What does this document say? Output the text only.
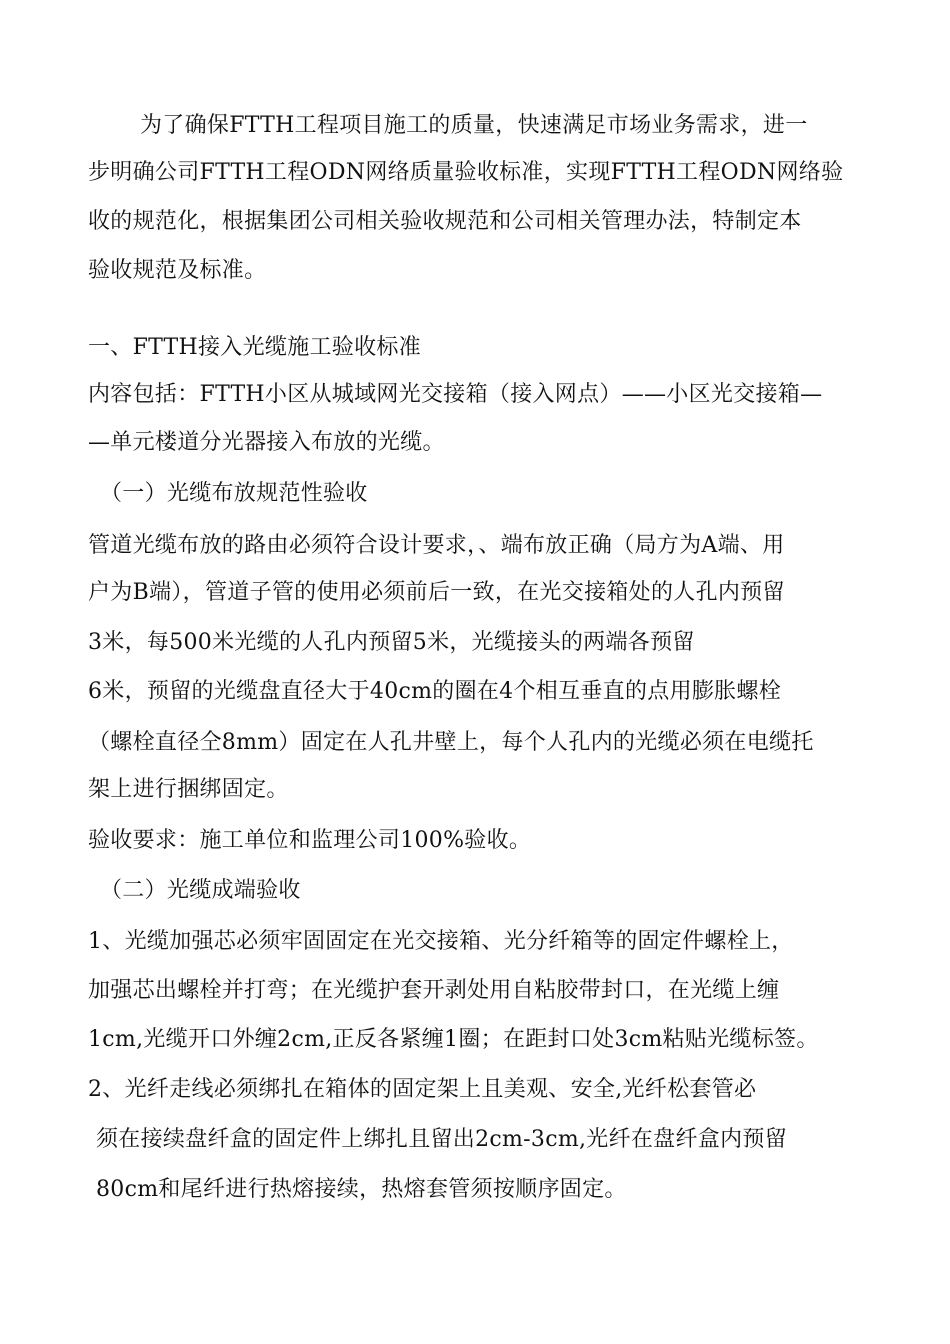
为了确保FTTH工程项目施工的质量，快速满足市场业务需求，进一
步明确公司FTTH工程ODN网络质量验收标准，实现FTTH工程ODN网络验
收的规范化，根据集团公司相关验收规范和公司相关管理办法，特制定本
验收规范及标准。
一、FTTH接入光缆施工验收标准
内容包括：FTTH小区从城域网光交接箱（接入网点）——小区光交接箱—
—单元楼道分光器接入布放的光缆。
（一）光缆布放规范性验收
管道光缆布放的路由必须符合设计要求，、端布放正确（局方为A端、用
户为B端），管道子管的使用必须前后一致，在光交接箱处的人孔内预留
3米，每500米光缆的人孔内预留5米，光缆接头的两端各预留
6米，预留的光缆盘直径大于40cm的圈在4个相互垂直的点用膨胀螺栓
（螺栓直径仝8mm）固定在人孔井壁上，每个人孔内的光缆必须在电缆托
架上进行捆绑固定。
验收要求：施工单位和监理公司100%验收。
（二）光缆成端验收
1、光缆加强芯必须牢固固定在光交接箱、光分纤箱等的固定件螺栓上，
加强芯出螺栓并打弯；在光缆护套开剥处用自粘胶带封口，在光缆上缠
1cm,光缆开口外缠2cm,正反各紧缠1圈；在距封口处3cm粘贴光缆标签。
2、光纤走线必须绑扎在箱体的固定架上且美观、安全,光纤松套管必
须在接续盘纤盒的固定件上绑扎且留出2cm-3cm,光纤在盘纤盒内预留
80cm和尾纤进行热熔接续，热熔套管须按顺序固定。
